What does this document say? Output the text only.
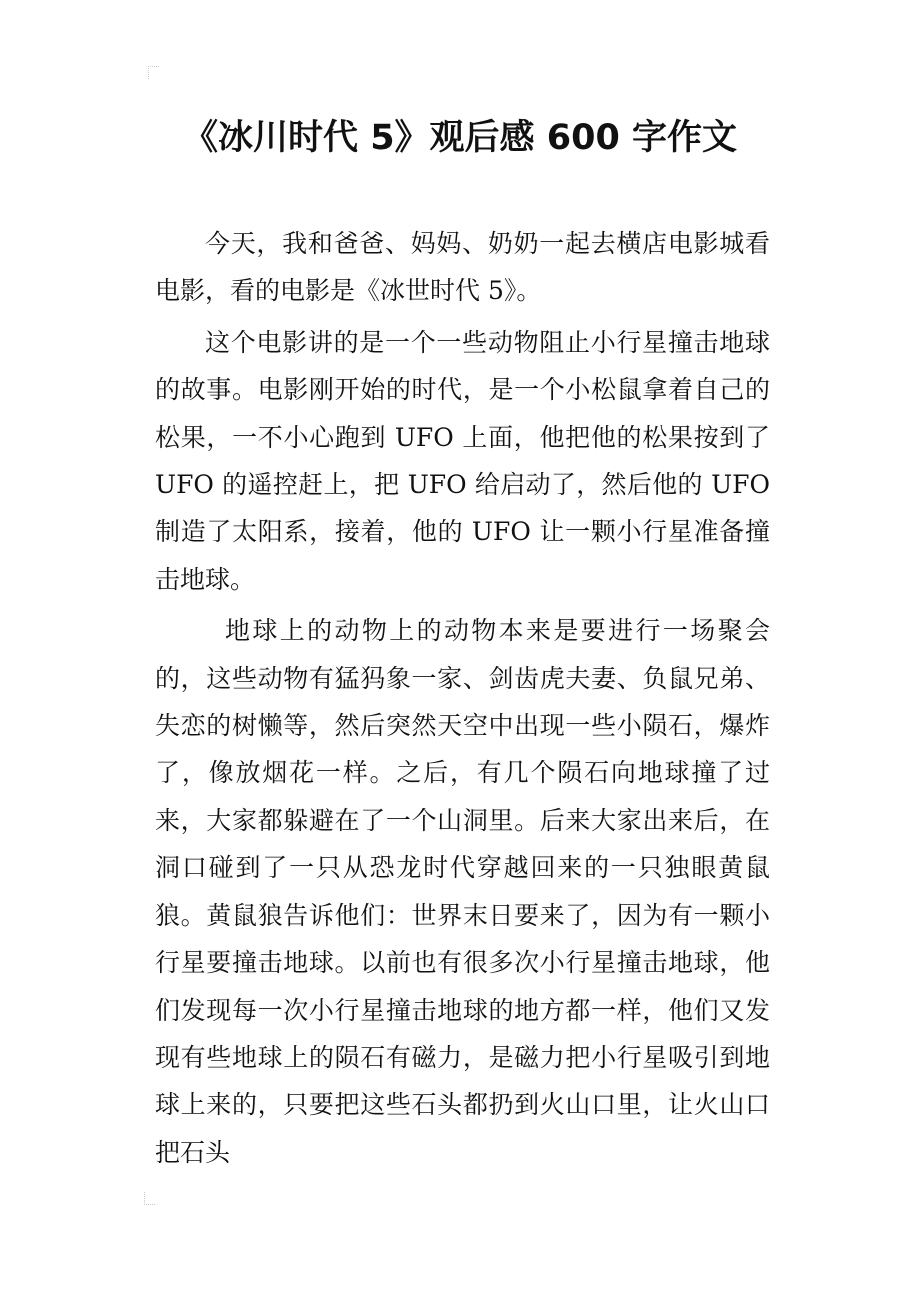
《冰川时代 5》观后感 600 字作文

今天，我和爸爸、妈妈、奶奶一起去横店电影城看电影，看的电影是《冰世时代 5》。

这个电影讲的是一个一些动物阻止小行星撞击地球的故事。电影刚开始的时代，是一个小松鼠拿着自己的松果，一不小心跑到 UFO 上面，他把他的松果按到了 UFO 的遥控赶上，把 UFO 给启动了，然后他的 UFO 制造了太阳系，接着，他的 UFO 让一颗小行星准备撞击地球。

地球上的动物上的动物本来是要进行一场聚会的，这些动物有猛犸象一家、剑齿虎夫妻、负鼠兄弟、失恋的树懒等，然后突然天空中出现一些小陨石，爆炸了，像放烟花一样。之后，有几个陨石向地球撞了过来，大家都躲避在了一个山洞里。后来大家出来后，在洞口碰到了一只从恐龙时代穿越回来的一只独眼黄鼠狼。黄鼠狼告诉他们：世界末日要来了，因为有一颗小行星要撞击地球。以前也有很多次小行星撞击地球，他们发现每一次小行星撞击地球的地方都一样，他们又发现有些地球上的陨石有磁力，是磁力把小行星吸引到地球上来的，只要把这些石头都扔到火山口里，让火山口把石头
